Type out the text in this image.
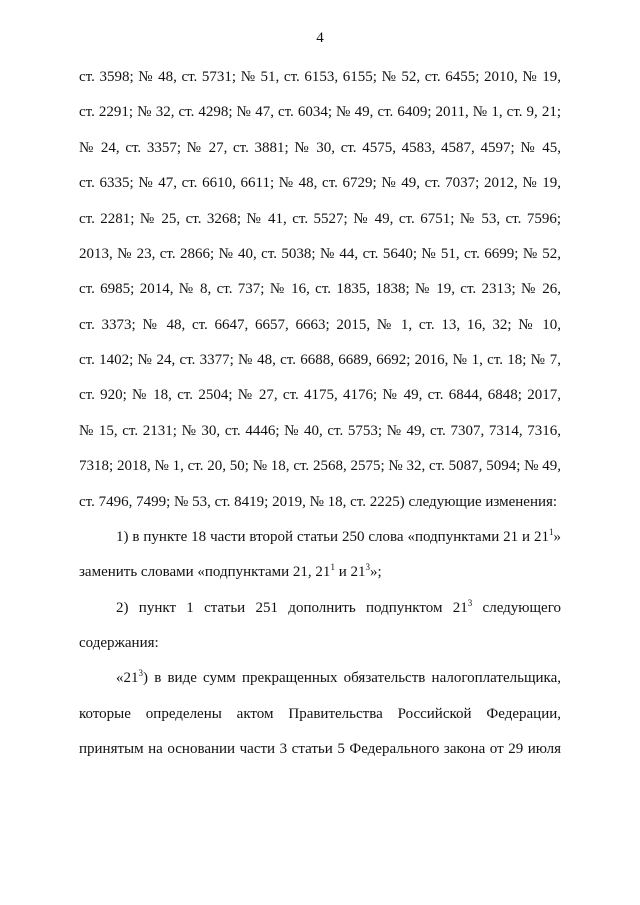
4
ст. 3598; № 48, ст. 5731; № 51, ст. 6153, 6155; № 52, ст. 6455; 2010, № 19,
ст. 2291; № 32, ст. 4298; № 47, ст. 6034; № 49, ст. 6409; 2011, № 1, ст. 9, 21;
№ 24, ст. 3357; № 27, ст. 3881; № 30, ст. 4575, 4583, 4587, 4597; № 45,
ст. 6335; № 47, ст. 6610, 6611; № 48, ст. 6729; № 49, ст. 7037; 2012, № 19,
ст. 2281; № 25, ст. 3268; № 41, ст. 5527; № 49, ст. 6751; № 53, ст. 7596;
2013, № 23, ст. 2866; № 40, ст. 5038; № 44, ст. 5640; № 51, ст. 6699; № 52,
ст. 6985; 2014, № 8, ст. 737; № 16, ст. 1835, 1838; № 19, ст. 2313; № 26,
ст. 3373; № 48, ст. 6647, 6657, 6663; 2015, № 1, ст. 13, 16, 32; № 10,
ст. 1402; № 24, ст. 3377; № 48, ст. 6688, 6689, 6692; 2016, № 1, ст. 18; № 7,
ст. 920; № 18, ст. 2504; № 27, ст. 4175, 4176; № 49, ст. 6844, 6848; 2017,
№ 15, ст. 2131; № 30, ст. 4446; № 40, ст. 5753; № 49, ст. 7307, 7314, 7316,
7318; 2018, № 1, ст. 20, 50; № 18, ст. 2568, 2575; № 32, ст. 5087, 5094; № 49,
ст. 7496, 7499; № 53, ст. 8419; 2019, № 18, ст. 2225) следующие изменения:
1) в пункте 18 части второй статьи 250 слова «подпунктами 21 и $21^1$»
заменить словами «подпунктами 21, $21^1$ и $21^3$»;
2) пункт 1 статьи 251 дополнить подпунктом $21^3$ следующего
содержания:
«$21^3$) в виде сумм прекращенных обязательств налогоплательщика,
которые определены актом Правительства Российской Федерации,
принятым на основании части 3 статьи 5 Федерального закона от 29 июля
